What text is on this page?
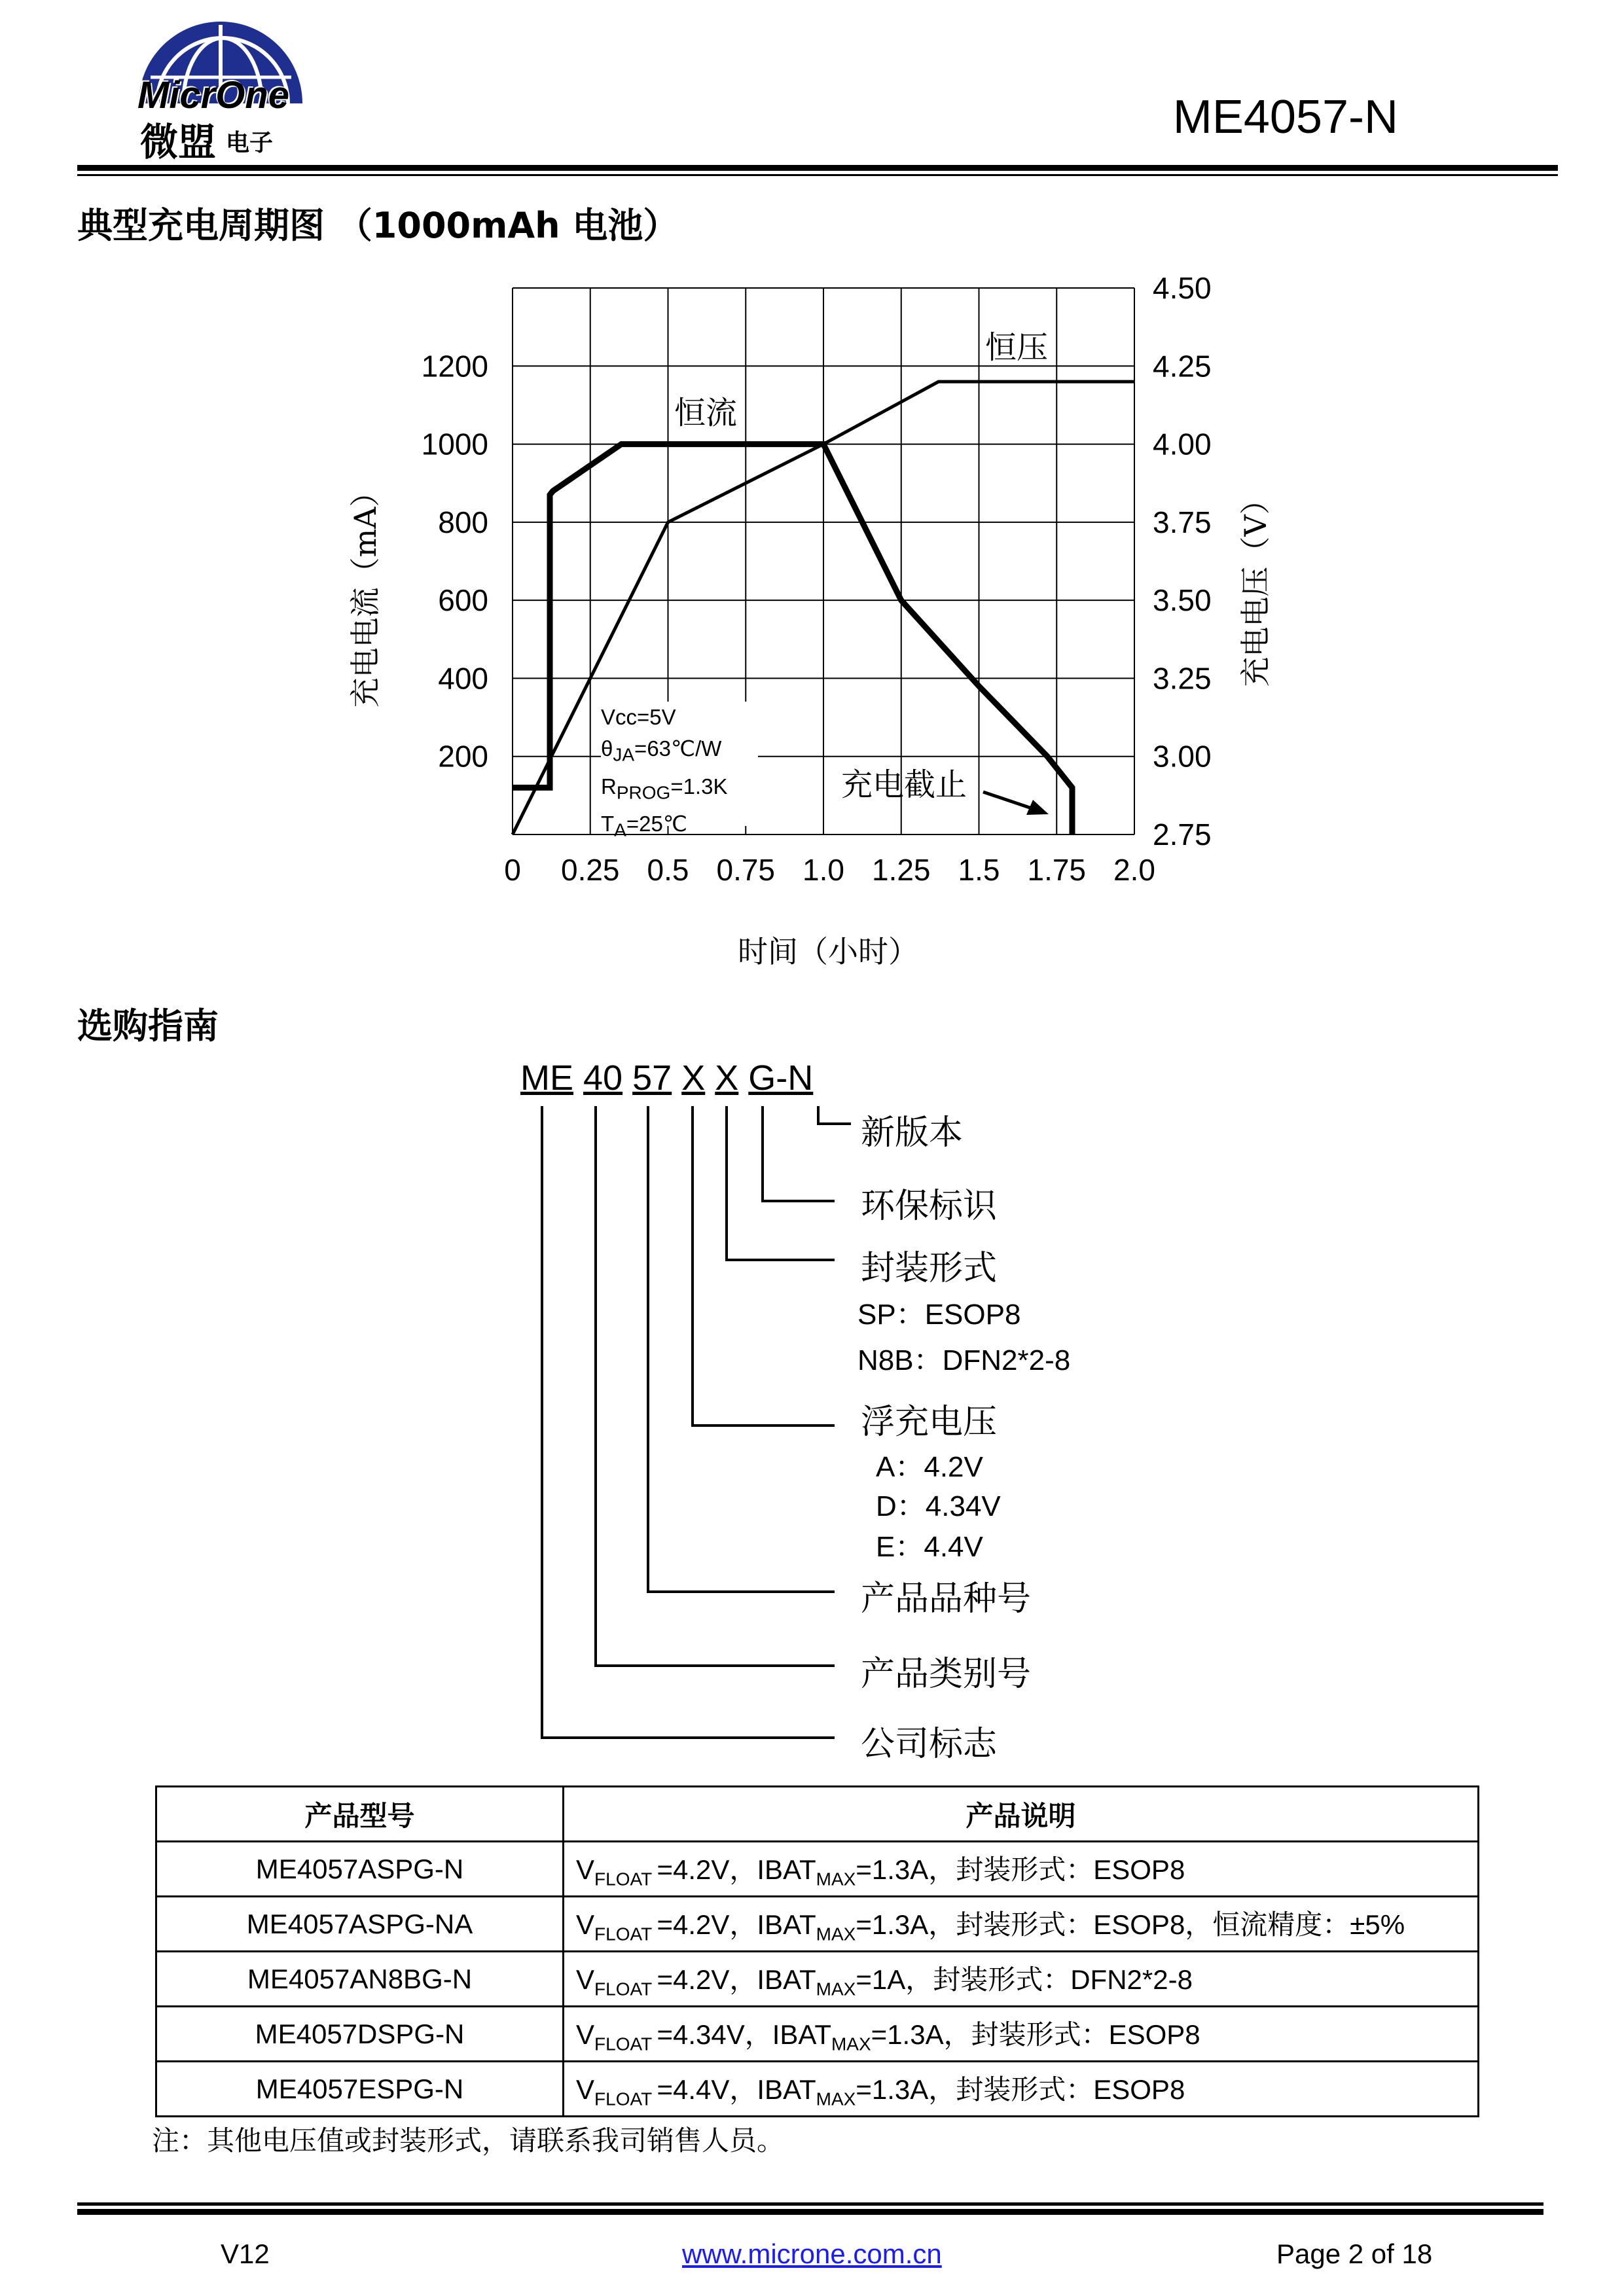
MicrOne
微盟 电子	ME4057-N
典型充电周期图 （1000mAh 电池）
0 0.25 0.5 0.75 1.0 1.25 1.5 1.75 2.0
200
400
600
800
1000
1200
2.75
3.00
3.25
3.50
3.75
4.00
4.25
4.50
恒压
恒流
充电截止
Vcc=5V
$\theta_{JA}=63℃/W$
$R_{PROG}=1.3K$
$T_A=25℃$
充电电流（mA）	充电电压（V）
时间（小时）
选购指南
ME 40 57 X X G-N
新版本
环保标识
封装形式
SP：ESOP8
N8B：DFN2*2-8
浮充电压
A：4.2V
D：4.34V
E：4.4V
产品品种号
产品类别号
公司标志
产品型号	产品说明
ME4057ASPG-N	$V_{FLOAT} =4.2V$，$IBAT_{MAX}=1.3A$，封装形式：ESOP8
ME4057ASPG-NA	$V_{FLOAT} =4.2V$，$IBAT_{MAX}=1.3A$，封装形式：ESOP8，恒流精度：±5%
ME4057AN8BG-N	$V_{FLOAT} =4.2V$，$IBAT_{MAX}=1A$，封装形式：DFN2*2-8
ME4057DSPG-N	$V_{FLOAT} =4.34V$，$IBAT_{MAX}=1.3A$，封装形式：ESOP8
ME4057ESPG-N	$V_{FLOAT} =4.4V$，$IBAT_{MAX}=1.3A$，封装形式：ESOP8
注：其他电压值或封装形式，请联系我司销售人员。
V12	www.microne.com.cn	Page 2 of 18
